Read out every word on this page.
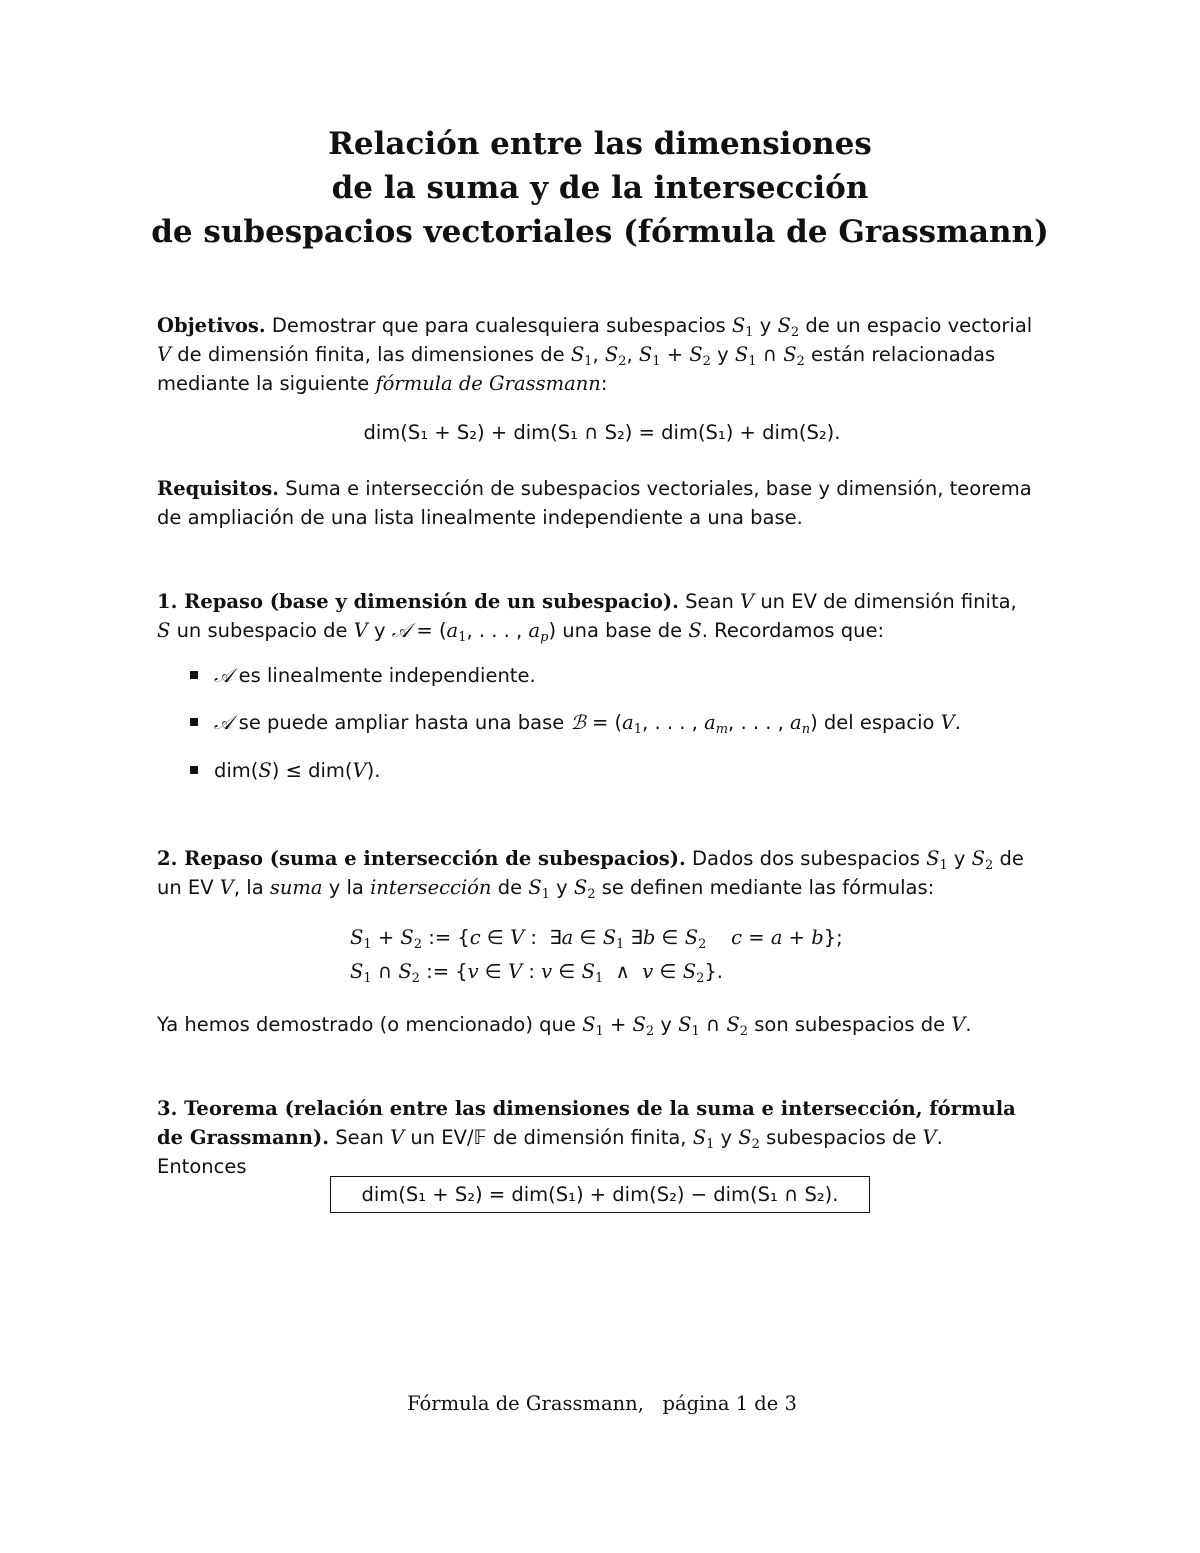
Relación entre las dimensiones
de la suma y de la intersección
de subespacios vectoriales (fórmula de Grassmann)
Objetivos. Demostrar que para cualesquiera subespacios $S_1$ y $S_2$ de un espacio vectorial
V de dimensión finita, las dimensiones de $S_1$, $S_2$, $S_1 + S_2$ y $S_1$ ∩ $S_2$ están relacionadas
mediante la siguiente fórmula de Grassmann:
dim(S₁ + S₂) + dim(S₁ ∩ S₂) = dim(S₁) + dim(S₂).
Requisitos. Suma e intersección de subespacios vectoriales, base y dimensión, teorema
de ampliación de una lista linealmente independiente a una base.
1. Repaso (base y dimensión de un subespacio). Sean V un EV de dimensión finita,
S un subespacio de V y 𝒜 = ($a_1$, . . . , $a_p$) una base de S. Recordamos que:
𝒜 es linealmente independiente.
𝒜 se puede ampliar hasta una base ℬ = ($a_1$, . . . , $a_m$, . . . , $a_n$) del espacio V.
dim(S) ≤ dim(V).
2. Repaso (suma e intersección de subespacios). Dados dos subespacios $S_1$ y $S_2$ de
un EV V, la suma y la intersección de $S_1$ y $S_2$ se definen mediante las fórmulas:
$S_1 + S_2$ := {c ∈ V :  ∃a ∈ $S_1$ ∃b ∈ $S_2$ c = a + b};
$S_1$ ∩ $S_2$ := {v ∈ V : v ∈ $S_1$  ∧  v ∈ $S_2$}.
Ya hemos demostrado (o mencionado) que $S_1 + S_2$ y $S_1$ ∩ $S_2$ son subespacios de V.
3. Teorema (relación entre las dimensiones de la suma e intersección, fórmula
de Grassmann). Sean V un EV/𝔽 de dimensión finita, $S_1$ y $S_2$ subespacios de V.
Entonces
dim(S₁ + S₂) = dim(S₁) + dim(S₂) − dim(S₁ ∩ S₂).
Fórmula de Grassmann,   página 1 de 3
